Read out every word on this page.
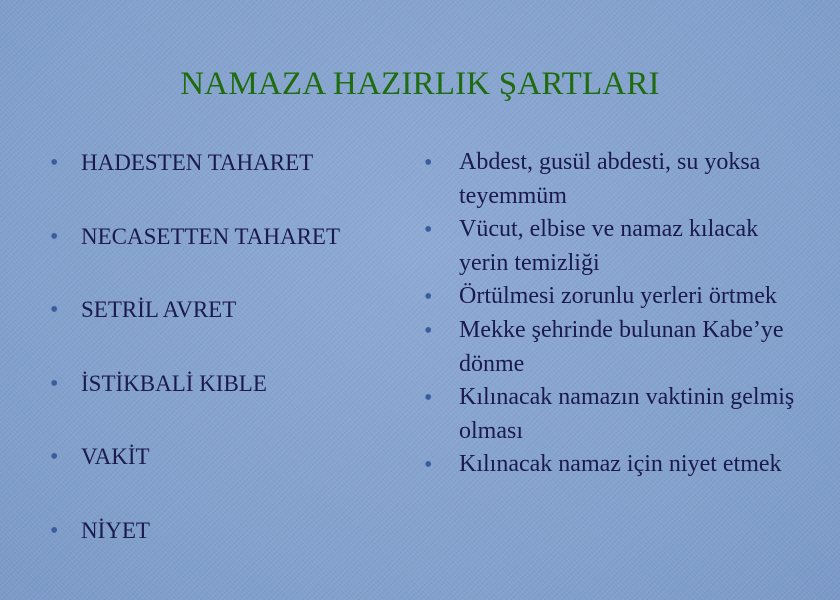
NAMAZA HAZIRLIK ŞARTLARI
• HADESTEN TAHARET
• NECASETTEN TAHARET
• SETRİL AVRET
• İSTİKBALİ KIBLE
• VAKİT
• NİYET
•	Abdest, gusül abdesti, su yoksa teyemmüm
•	Vücut, elbise ve namaz kılacak yerin temizliği
•	Örtülmesi zorunlu yerleri örtmek
•	Mekke şehrinde bulunan Kabe’ye dönme
•	Kılınacak namazın vaktinin gelmiş olması
•	Kılınacak namaz için niyet etmek
